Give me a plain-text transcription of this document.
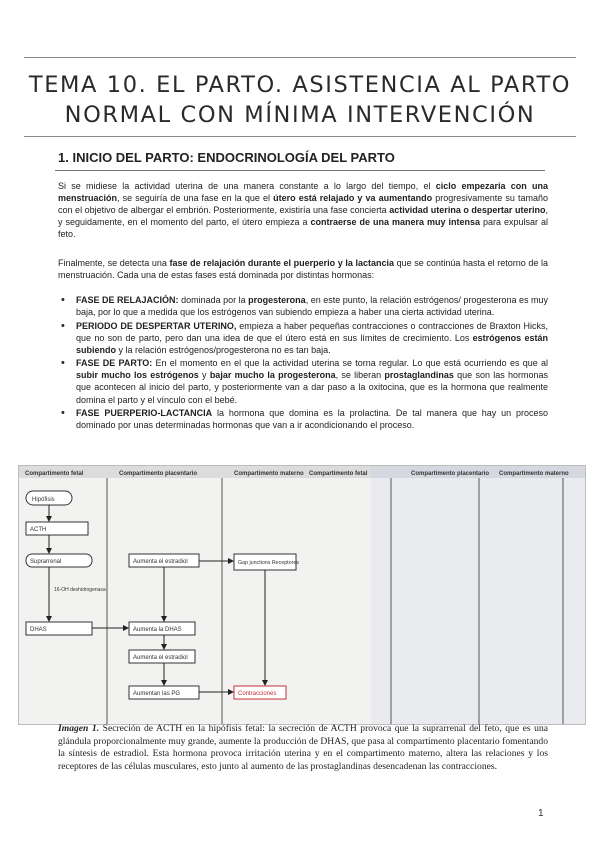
TEMA 10. EL PARTO. ASISTENCIA AL PARTO
NORMAL CON MÍNIMA INTERVENCIÓN
1. INICIO DEL PARTO: ENDOCRINOLOGÍA DEL PARTO
Si se midiese la actividad uterina de una manera constante a lo largo del tiempo, el ciclo empezaría con una menstruación, se seguiría de una fase en la que el útero está relajado y va aumentando progresivamente su tamaño con el objetivo de albergar el embrión. Posteriormente, existiría una fase concierta actividad uterina o despertar uterino, y seguidamente, en el momento del parto, el útero empieza a contraerse de una manera muy intensa para expulsar al feto.
Finalmente, se detecta una fase de relajación durante el puerperio y la lactancia que se continúa hasta el retorno de la menstruación. Cada una de estas fases está dominada por distintas hormonas:
• FASE DE RELAJACIÓN: dominada por la progesterona, en este punto, la relación estrógenos/ progesterona es muy baja, por lo que a medida que los estrógenos van subiendo empieza a haber una cierta actividad uterina.
• PERIODO DE DESPERTAR UTERINO, empieza a haber pequeñas contracciones o contracciones de Braxton Hicks, que no son de parto, pero dan una idea de que el útero está en sus límites de crecimiento. Los estrógenos están subiendo y la relación estrógenos/progesterona no es tan baja.
• FASE DE PARTO: En el momento en el que la actividad uterina se torna regular. Lo que está ocurriendo es que al subir mucho los estrógenos y bajar mucho la progesterona, se liberan prostaglandinas que son las hormonas que acontecen al inicio del parto, y posteriormente van a dar paso a la oxitocina, que es la hormona que realmente domina el parto y el vínculo con el bebé.
• FASE PUERPERIO-LACTANCIA la hormona que domina es la prolactina. De tal manera que hay un proceso dominado por unas determinadas hormonas que van a ir acondicionando el proceso.
Compartimento fetal	Compartimento placentario	Compartimento materno
Hipófisis
ACTH
Suprarrenal
16-OH deshidrogenasa
DHAS
Aumenta el estradiol
Aumenta la DHAS
Aumenta el estradiol
Aumentan las PG
Gap junctions Receptores
Contracciones
Compartimento fetal	Compartimento placentario Compartimento materno
Imagen 1. Secreción de ACTH en la hipófisis fetal: la secreción de ACTH provoca que la suprarrenal del feto, que es una glándula proporcionalmente muy grande, aumente la producción de DHAS, que pasa al compartimento placentario fomentando la síntesis de estradiol. Esta hormona provoca irritación uterina y en el compartimento materno, altera las relaciones y los receptores de las células musculares, esto junto al aumento de las prostaglandinas desencadenan las contracciones.
1
